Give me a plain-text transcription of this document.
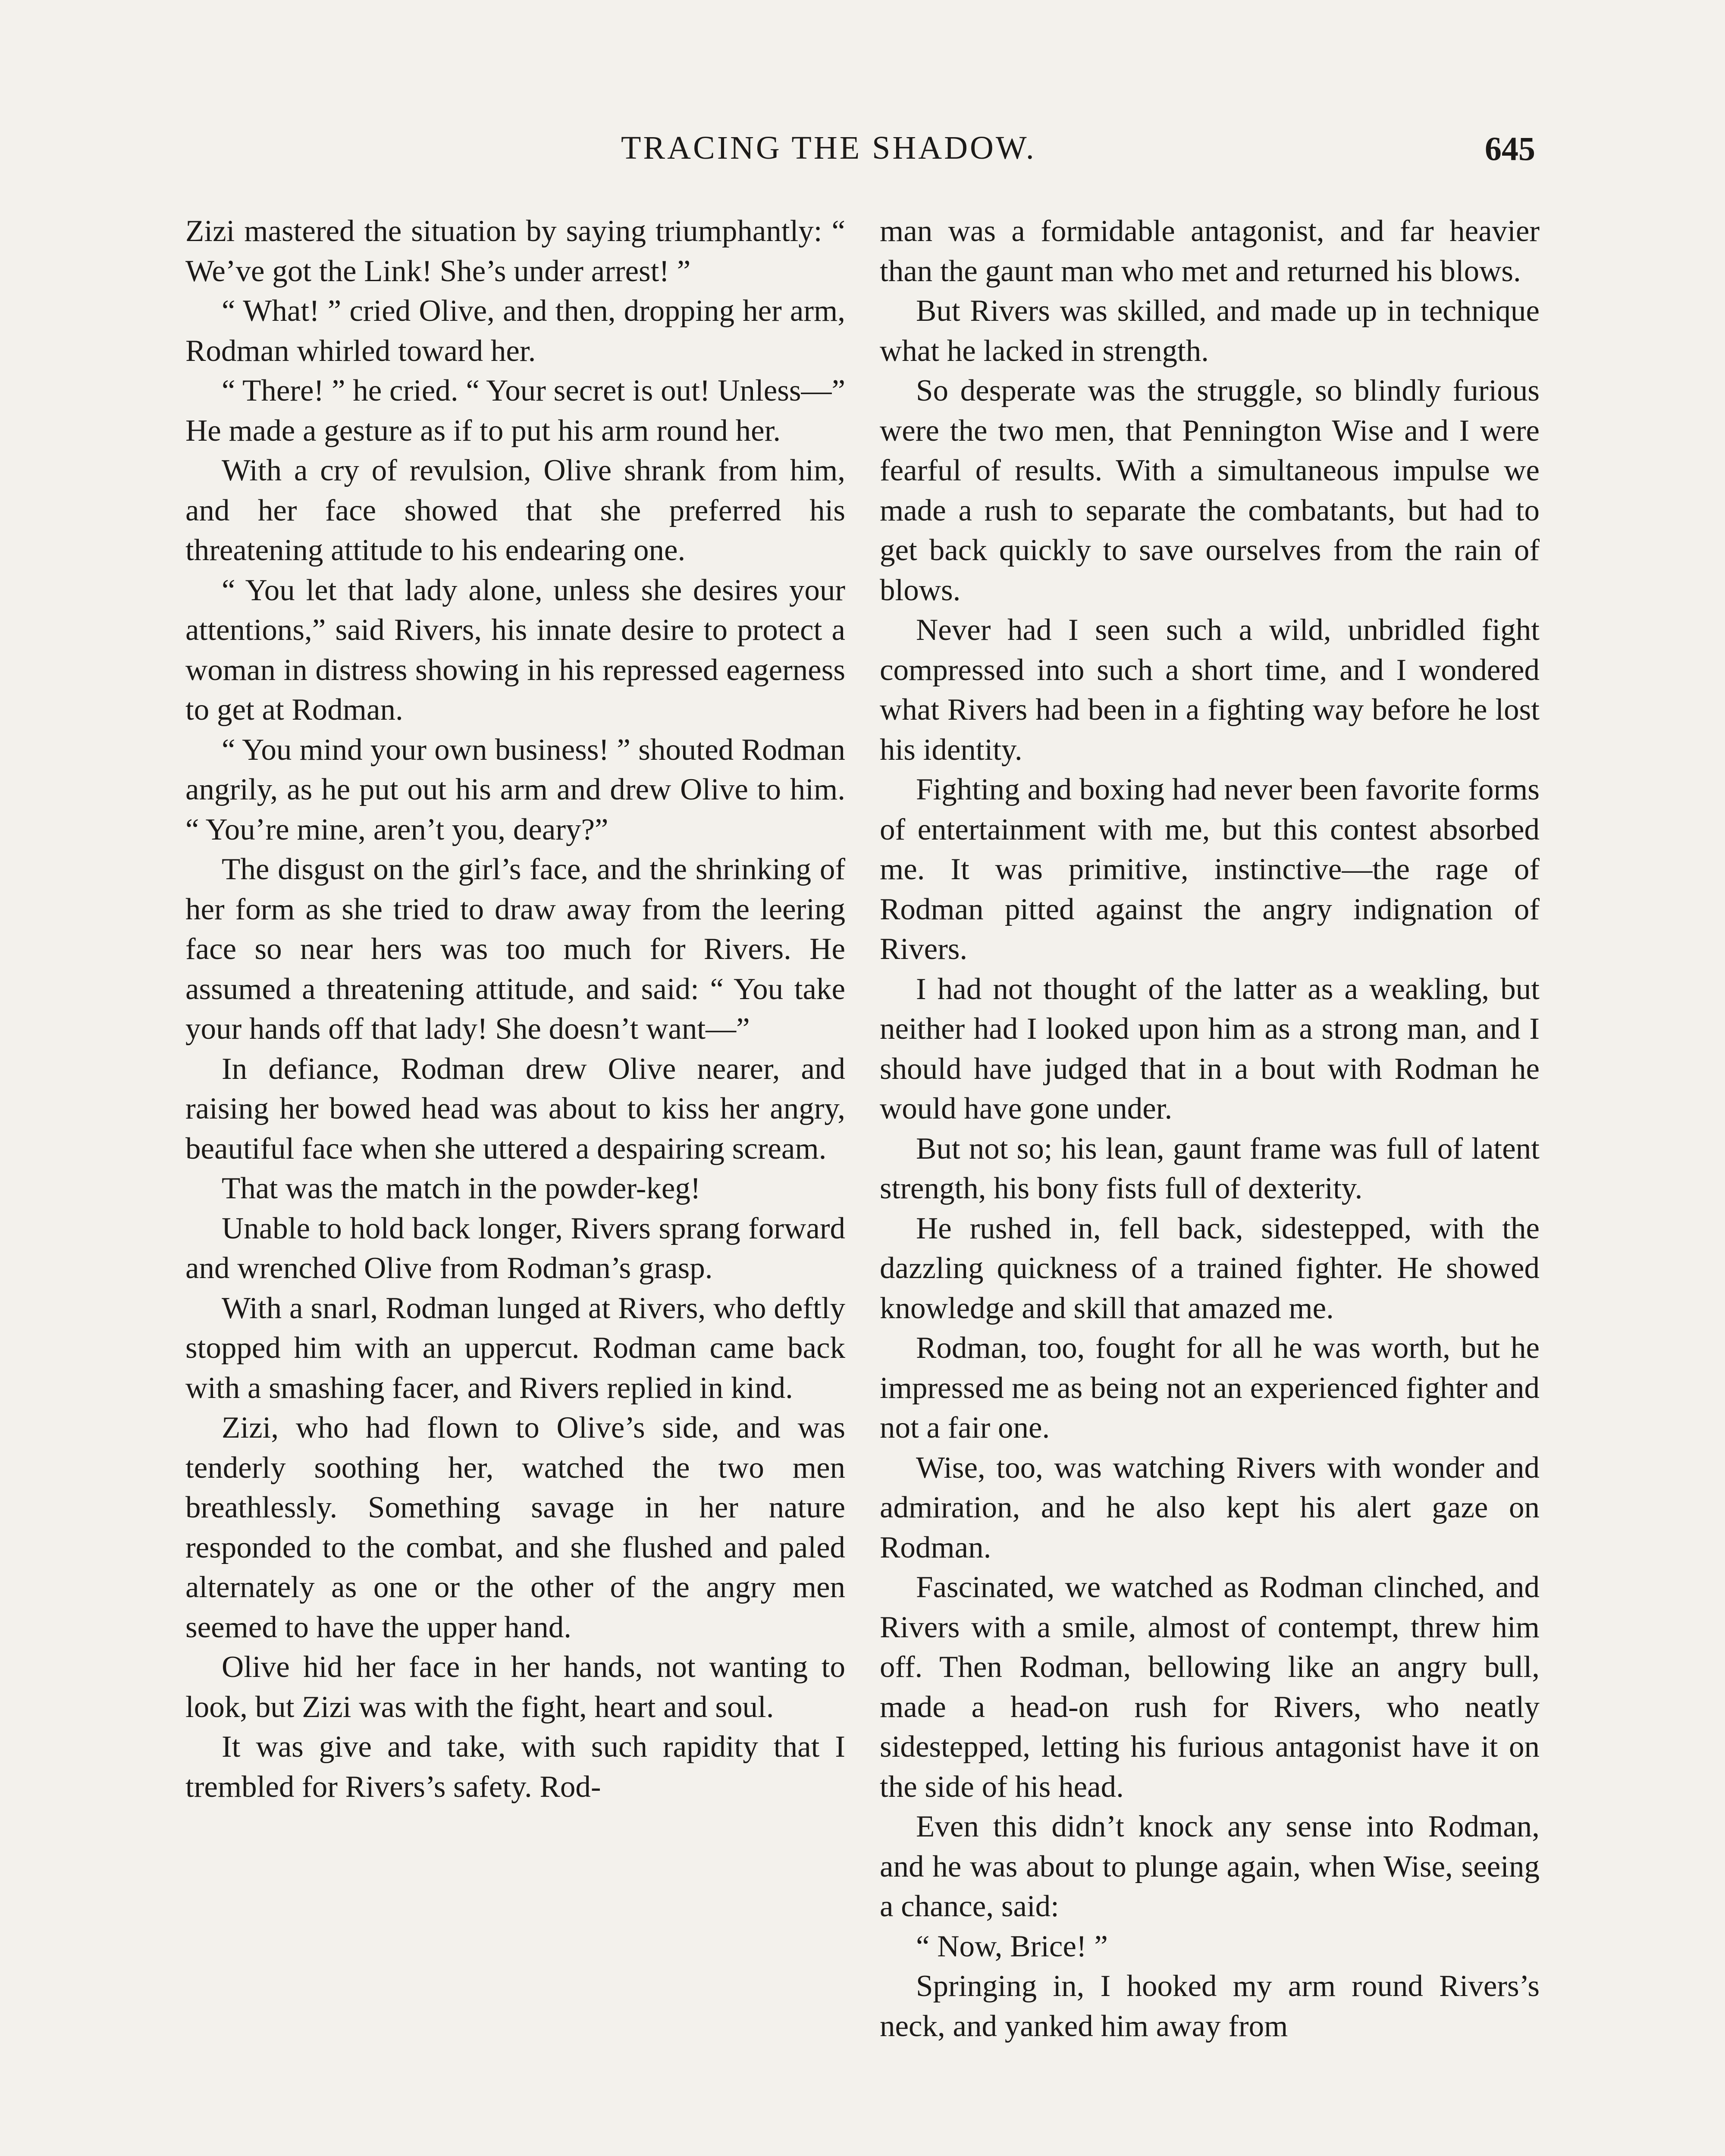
TRACING THE SHADOW.	645

Zizi mastered the situation by saying triumphantly: “ We’ve got the Link! She’s under arrest! ”

“ What! ” cried Olive, and then, dropping her arm, Rodman whirled toward her.

“ There! ” he cried. “ Your secret is out! Unless—” He made a gesture as if to put his arm round her.

With a cry of revulsion, Olive shrank from him, and her face showed that she preferred his threatening attitude to his endearing one.

“ You let that lady alone, unless she desires your attentions,” said Rivers, his innate desire to protect a woman in distress showing in his repressed eagerness to get at Rodman.

“ You mind your own business! ” shouted Rodman angrily, as he put out his arm and drew Olive to him. “ You’re mine, aren’t you, deary?”

The disgust on the girl’s face, and the shrinking of her form as she tried to draw away from the leering face so near hers was too much for Rivers. He assumed a threatening attitude, and said: “ You take your hands off that lady! She doesn’t want—”

In defiance, Rodman drew Olive nearer, and raising her bowed head was about to kiss her angry, beautiful face when she uttered a despairing scream.

That was the match in the powder-keg!

Unable to hold back longer, Rivers sprang forward and wrenched Olive from Rodman’s grasp.

With a snarl, Rodman lunged at Rivers, who deftly stopped him with an uppercut. Rodman came back with a smashing facer, and Rivers replied in kind.

Zizi, who had flown to Olive’s side, and was tenderly soothing her, watched the two men breathlessly. Something savage in her nature responded to the combat, and she flushed and paled alternately as one or the other of the angry men seemed to have the upper hand.

Olive hid her face in her hands, not wanting to look, but Zizi was with the fight, heart and soul.

It was give and take, with such rapidity that I trembled for Rivers’s safety. Rod-

man was a formidable antagonist, and far heavier than the gaunt man who met and returned his blows.

But Rivers was skilled, and made up in technique what he lacked in strength.

So desperate was the struggle, so blindly furious were the two men, that Pennington Wise and I were fearful of results. With a simultaneous impulse we made a rush to separate the combatants, but had to get back quickly to save ourselves from the rain of blows.

Never had I seen such a wild, unbridled fight compressed into such a short time, and I wondered what Rivers had been in a fighting way before he lost his identity.

Fighting and boxing had never been favorite forms of entertainment with me, but this contest absorbed me. It was primitive, instinctive—the rage of Rodman pitted against the angry indignation of Rivers.

I had not thought of the latter as a weakling, but neither had I looked upon him as a strong man, and I should have judged that in a bout with Rodman he would have gone under.

But not so; his lean, gaunt frame was full of latent strength, his bony fists full of dexterity.

He rushed in, fell back, sidestepped, with the dazzling quickness of a trained fighter. He showed knowledge and skill that amazed me.

Rodman, too, fought for all he was worth, but he impressed me as being not an experienced fighter and not a fair one.

Wise, too, was watching Rivers with wonder and admiration, and he also kept his alert gaze on Rodman.

Fascinated, we watched as Rodman clinched, and Rivers with a smile, almost of contempt, threw him off. Then Rodman, bellowing like an angry bull, made a head-on rush for Rivers, who neatly sidestepped, letting his furious antagonist have it on the side of his head.

Even this didn’t knock any sense into Rodman, and he was about to plunge again, when Wise, seeing a chance, said:

“ Now, Brice! ”

Springing in, I hooked my arm round Rivers’s neck, and yanked him away from
